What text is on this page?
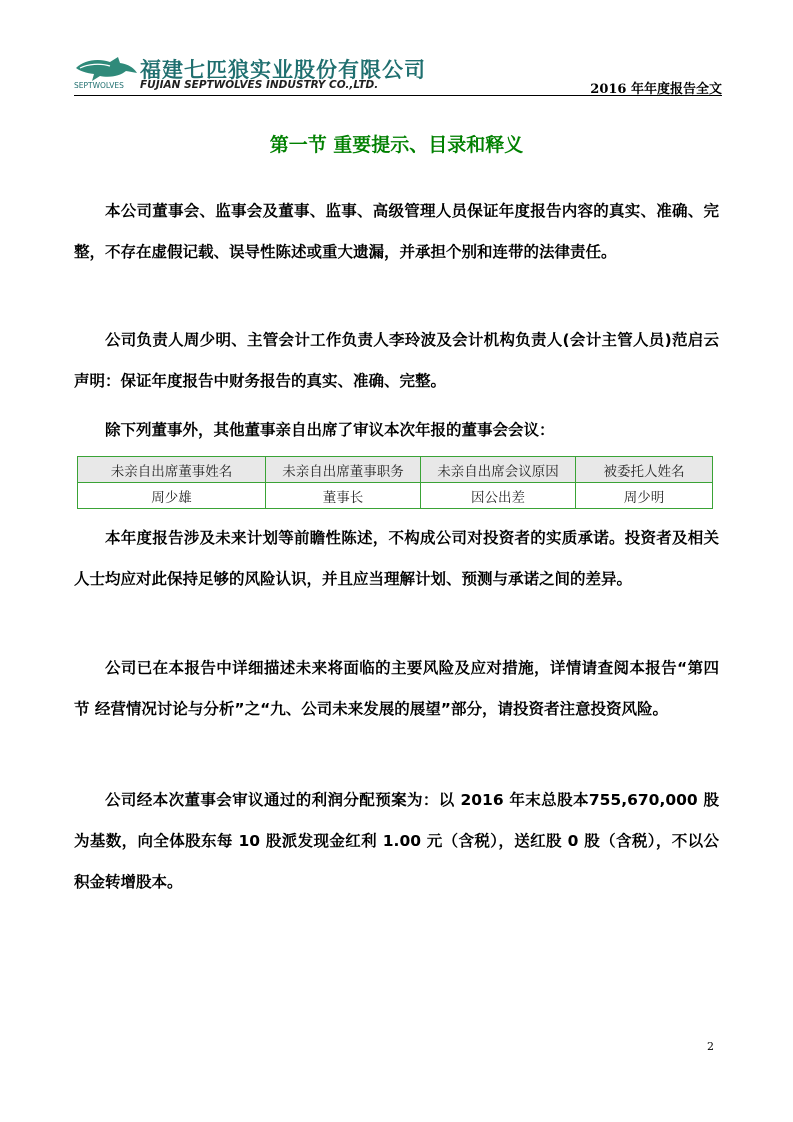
SEPTWOLVES
福建七匹狼实业股份有限公司
FUJIAN SEPTWOLVES INDUSTRY CO.,LTD.	2016 年年度报告全文
第一节 重要提示、目录和释义
本公司董事会、监事会及董事、监事、高级管理人员保证年度报告内容的真实、准确、完整，不存在虚假记载、误导性陈述或重大遗漏，并承担个别和连带的法律责任。
公司负责人周少明、主管会计工作负责人李玲波及会计机构负责人(会计主管人员)范启云声明：保证年度报告中财务报告的真实、准确、完整。
除下列董事外，其他董事亲自出席了审议本次年报的董事会会议：
未亲自出席董事姓名	未亲自出席董事职务	未亲自出席会议原因	被委托人姓名
周少雄	董事长	因公出差	周少明
本年度报告涉及未来计划等前瞻性陈述，不构成公司对投资者的实质承诺。投资者及相关人士均应对此保持足够的风险认识，并且应当理解计划、预测与承诺之间的差异。
公司已在本报告中详细描述未来将面临的主要风险及应对措施，详情请查阅本报告“第四节 经营情况讨论与分析”之“九、公司未来发展的展望”部分，请投资者注意投资风险。
公司经本次董事会审议通过的利润分配预案为：以 2016 年末总股本755,670,000 股为基数，向全体股东每 10 股派发现金红利 1.00 元（含税），送红股 0 股（含税），不以公积金转增股本。
2
